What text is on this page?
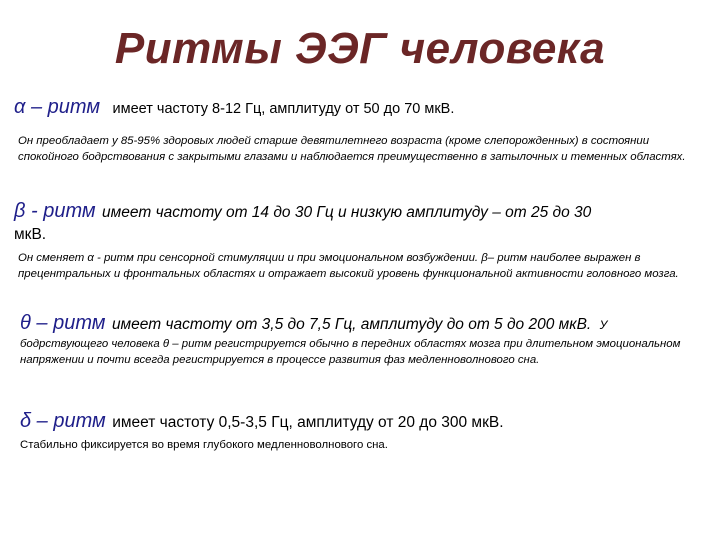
Ритмы ЭЭГ человека
α – ритм имеет частоту 8-12 Гц, амплитуду от 50 до 70 мкВ.
Он преобладает у 85-95% здоровых людей старше девятилетнего возраста (кроме слепорожденных) в состоянии спокойного бодрствования с закрытыми глазами и наблюдается преимущественно в затылочных и теменных областях.
β - ритм имеет частоту от 14 до 30 Гц и низкую амплитуду – от 25 до 30
мкВ.
Он сменяет α - ритм при сенсорной стимуляции и при эмоциональном возбуждении. β– ритм наиболее выражен в прецентральных и фронтальных областях и отражает высокий уровень функциональной активности головного мозга.
θ – ритм имеет частоту от 3,5 до 7,5 Гц, амплитуду до от 5 до 200 мкВ. У
бодрствующего человека θ – ритм регистрируется обычно в передних областях мозга при длительном эмоциональном напряжении и почти всегда регистрируется в процессе развития фаз медленноволнового сна.
δ – ритм имеет частоту 0,5-3,5 Гц, амплитуду от 20 до 300 мкВ.
Стабильно фиксируется во время глубокого медленноволнового сна.
